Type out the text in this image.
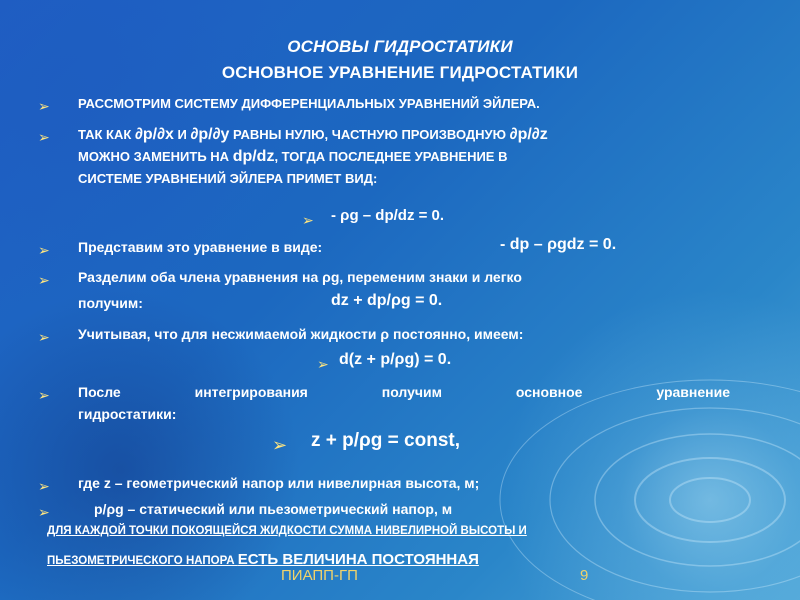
ОСНОВЫ ГИДРОСТАТИКИ
ОСНОВНОЕ УРАВНЕНИЕ ГИДРОСТАТИКИ
➢ РАССМОТРИМ СИСТЕМУ ДИФФЕРЕНЦИАЛЬНЫХ УРАВНЕНИЙ ЭЙЛЕРА.
➢ ТАК КАК ∂p/∂x И ∂p/∂y РАВНЫ НУЛЮ, ЧАСТНУЮ ПРОИЗВОДНУЮ ∂p/∂z
МОЖНО ЗАМЕНИТЬ НА dp/dz, ТОГДА ПОСЛЕДНЕЕ УРАВНЕНИЕ В
СИСТЕМЕ УРАВНЕНИЙ ЭЙЛЕРА ПРИМЕТ ВИД:
➢ - ρg – dp/dz = 0.
➢ Представим это уравнение в виде:	- dp – ρgdz = 0.
➢ Разделим оба члена уравнения на ρg, переменим знаки и легко
получим:	dz + dp/ρg = 0.
➢ Учитывая, что для несжимаемой жидкости ρ постоянно, имеем:
➢ d(z + p/ρg) = 0.
➢ После интегрирования получим основное уравнение
гидростатики:
➢ z + p/ρg = const,
➢ где z – геометрический напор или нивелирная высота, м;
➢	p/ρg – статический или пьезометрический напор, м
ДЛЯ КАЖДОЙ ТОЧКИ ПОКОЯЩЕЙСЯ ЖИДКОСТИ СУММА НИВЕЛИРНОЙ ВЫСОТЫ И
ПЬЕЗОМЕТРИЧЕСКОГО НАПОРА ЕСТЬ ВЕЛИЧИНА ПОСТОЯННАЯ
ПИАПП-ГП	9
